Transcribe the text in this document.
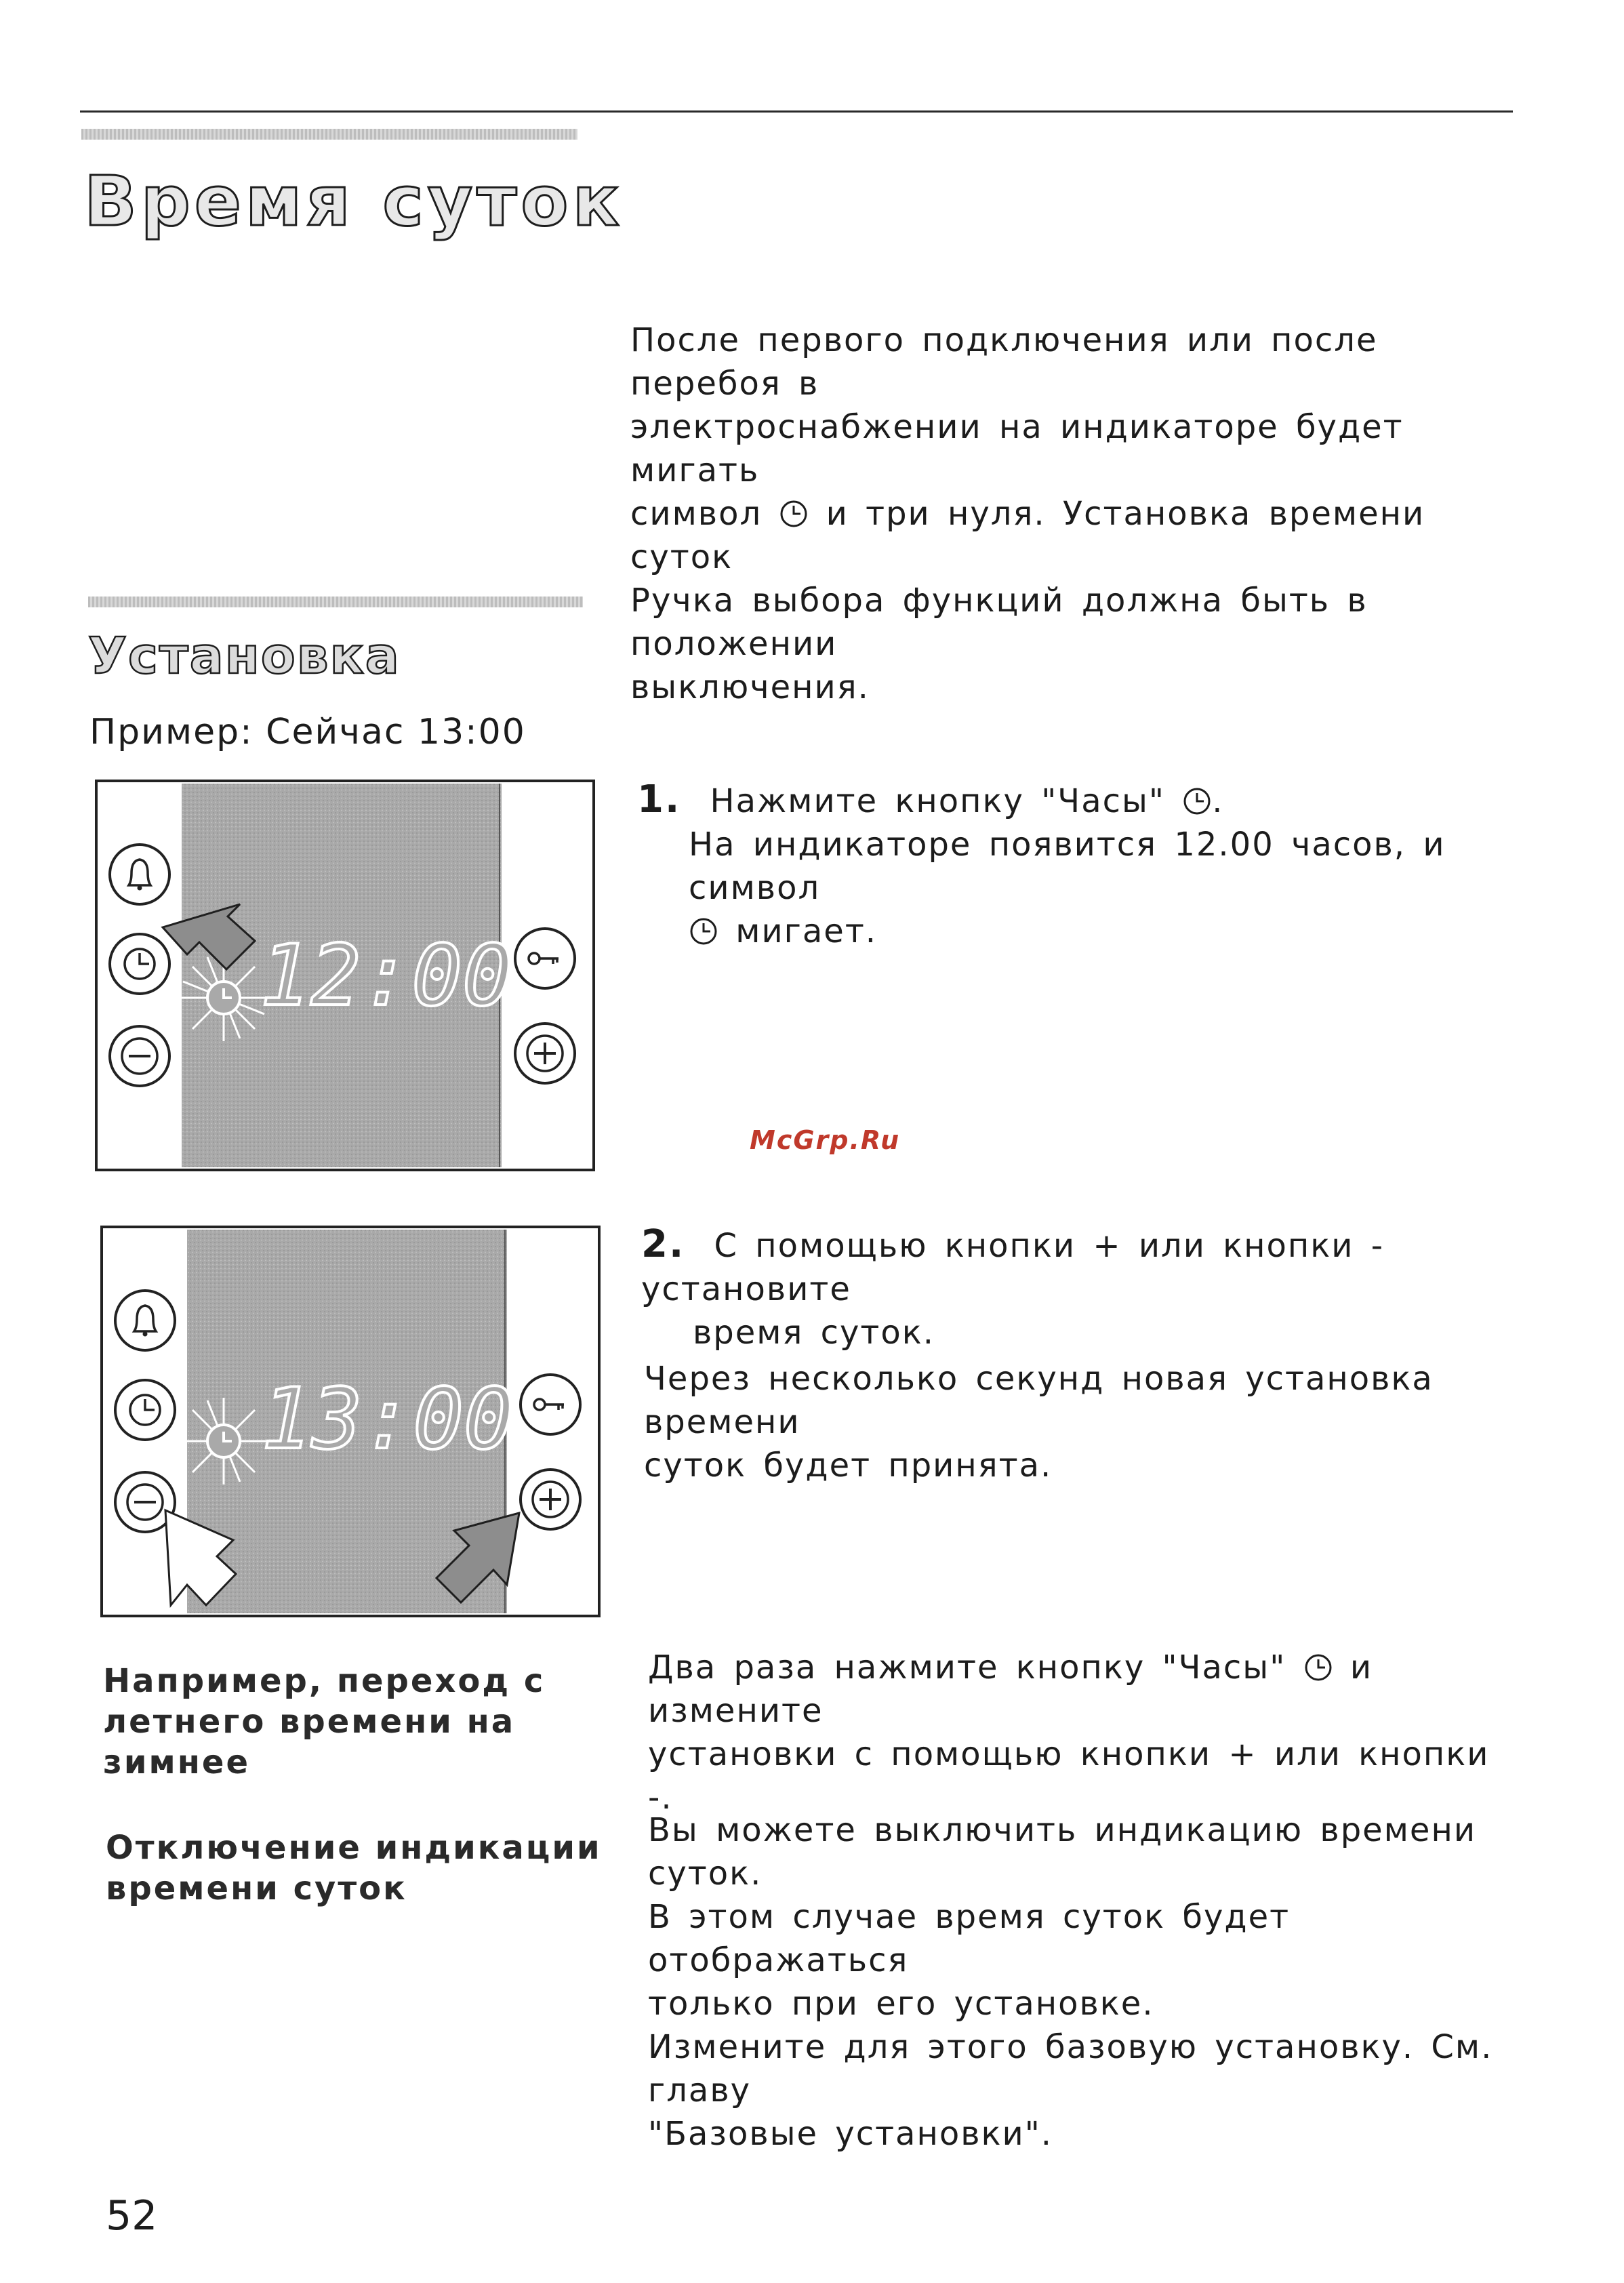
Время суток
После первого подключения или после перебоя в
электроснабжении на индикаторе будет мигать
символ и три нуля. Установка времени суток
Ручка выбора функций должна быть в положении
выключения.
Установка
Пример: Сейчас 13:00
12:00
13:00
1. Нажмите кнопку "Часы" .
На индикаторе появится 12.00 часов, и символ
мигает.
McGrp.Ru
2. С помощью кнопки + или кнопки - установите
время суток.
Через несколько секунд новая установка времени
суток будет принята.
Например, переход с
летнего времени на
зимнее
Два раза нажмите кнопку "Часы" и измените
установки с помощью кнопки + или кнопки -.
Отключение индикации
времени суток
Вы можете выключить индикацию времени суток.
В этом случае время суток будет отображаться
только при его установке.
Измените для этого базовую установку. См. главу
"Базовые установки".
52
